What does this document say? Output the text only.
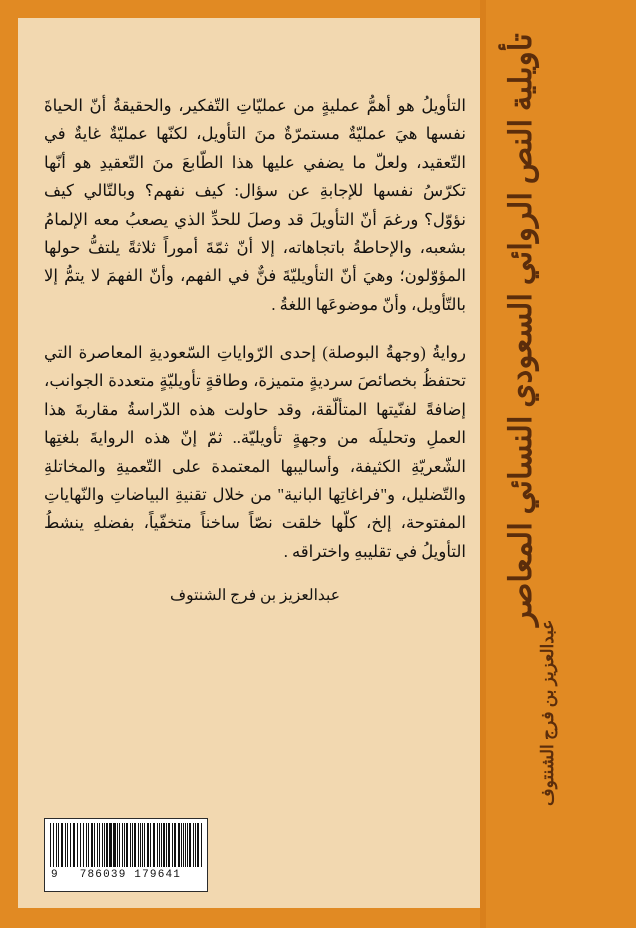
تأويلية النص الروائي السعودي النسائي المعاصر
عبدالعزيز بن فرج الشنتوف

التأويلُ هو أهمُّ عمليةٍ من عمليّاتِ التّفكير، والحقيقةُ أنّ الحياةَ نفسها هيَ عمليّةٌ مستمرّةٌ منَ التأويل، لكنّها عمليّةٌ غايةٌ في التّعقيد، ولعلّ ما يضفي عليها هذا الطّابعَ منَ التّعقيدِ هو أنّها تكرّسُ نفسها للإجابةِ عن سؤال: كيف نفهم؟ وبالتّالي كيف نؤوّل؟ ورغمَ أنّ التأويلَ قد وصلَ للحدِّ الذي يصعبُ معه الإلمامُ بشعبه، والإحاطةُ باتجاهاته، إلا أنّ ثمّةَ أموراً ثلاثةً يلتفُّ حولها المؤوّلون؛ وهيَ أنّ التأويليّةَ فنٌّ في الفهم، وأنّ الفهمَ لا يتمُّ إلا بالتّأويل، وأنّ موضوعَها اللغةُ .

روايةُ (وجهةُ البوصلة) إحدى الرّواياتِ السّعوديةِ المعاصرة التي تحتفظُ بخصائصَ سرديةٍ متميزة، وطاقةٍ تأويليّةٍ متعددة الجوانب، إضافةً لفنّيتها المتألّقة، وقد حاولت هذه الدّراسةُ مقاربةَ هذا العملِ وتحليلَه من وجهةٍ تأويليّة.. ثمّ إنّ هذه الروايةَ بلغتِها الشّعريّةِ الكثيفة، وأساليبها المعتمدة على التّعميةِ والمخاتلةِ والتّضليل، و"فراغاتِها البانية" من خلال تقنيةِ البياضاتِ والنّهاياتِ المفتوحة، إلخ، كلّها خلقت نصّاً ساخناً متخفّياً، بفضلهِ ينشطُ التأويلُ في تقليبهِ واختراقه .

عبدالعزيز بن فرج الشنتوف
9 786039 179641
